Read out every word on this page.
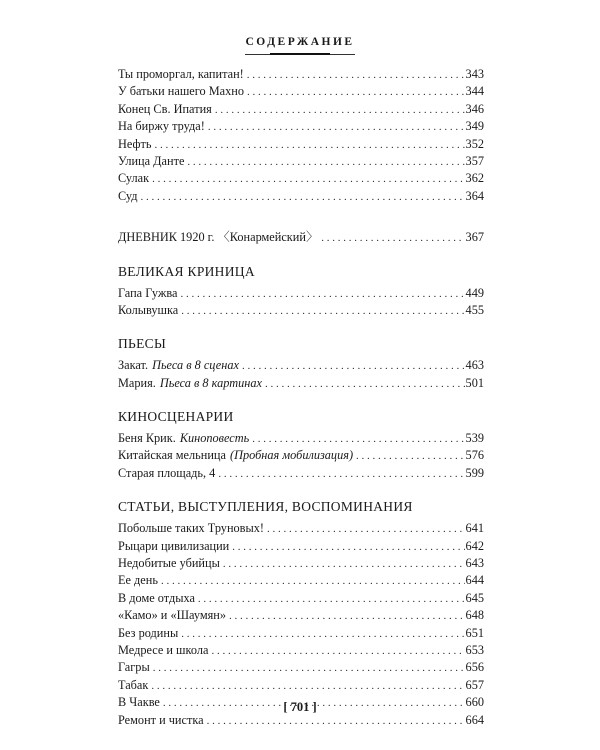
СОДЕРЖАНИЕ
Ты проморгал, капитан! . . .	343
У батьки нашего Махно . . .	344
Конец Св. Ипатия . . .	346
На биржу труда! . . .	349
Нефть . . .	352
Улица Данте . . .	357
Сулак . . .	362
Суд . . .	364
ДНЕВНИК 1920 г. 〈Конармейский〉 . . .	367
ВЕЛИКАЯ КРИНИЦА
Гапа Гужва . . .	449
Колывушка . . .	455
ПЬЕСЫ
Закат. Пьеса в 8 сценах . . .	463
Мария. Пьеса в 8 картинах . . .	501
КИНОСЦЕНАРИИ
Беня Крик. Киноповесть . . .	539
Китайская мельница (Пробная мобилизация) . . .	576
Старая площадь, 4 . . .	599
СТАТЬИ, ВЫСТУПЛЕНИЯ, ВОСПОМИНАНИЯ
Побольше таких Труновых! . . .	641
Рыцари цивилизации . . .	642
Недобитые убийцы . . .	643
Ее день . . .	644
В доме отдыха . . .	645
«Камо» и «Шаумян» . . .	648
Без родины . . .	651
Медресе и школа . . .	653
Гагры . . .	656
Табак . . .	657
В Чакве . . .	660
Ремонт и чистка . . .	664
[ 701 ]
